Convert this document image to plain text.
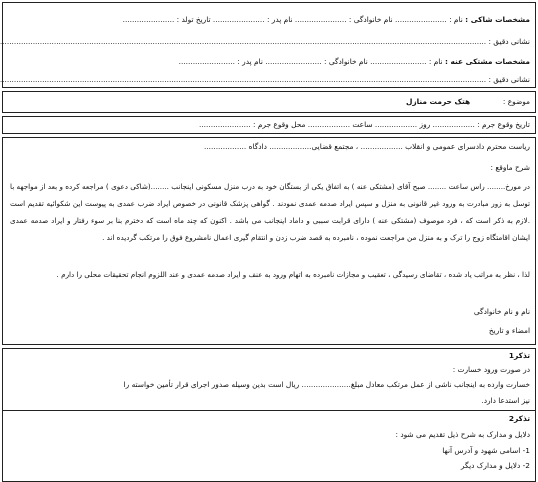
مشخصات شاکی : نام : ...................... نام خانوادگی : ...................... نام پدر : ...................... تاریخ تولد : ......................
نشانی دقیق : ...............................................................................................................................................................................................................
مشخصات مشتکی عنه : نام : ........................ نام خانوادگی : ........................ نام پدر : ........................
نشانی دقیق : ...............................................................................................................................................................................................................
موضوع :  هتک حرمت منازل
تاریخ وقوع جرم : .................. روز .................. ساعت .................. محل وقوع جرم : ......................
ریاست محترم دادسرای عمومی و انقلاب .................. ، مجتمع قضایی.................. دادگاه ..................
شرح ماوقع :
در مورخ........ راس ساعت ........ صبح آقای (مشتکی عنه ) به اتفاق یکی از بستگان خود به درب منزل مسکونی اینجانب ........(شاکی دعوی ) مراجعه کرده و بعد از مواجهه با توسل به زور مبادرت به ورود غیر قانونی به منزل و سپس ایراد صدمه عمدی نمودند . گواهی پزشک قانونی در خصوص ایراد ضرب عمدی به پیوست این شکوائیه تقدیم است .لازم به ذکر است که ، فرد موصوف (مشتکی عنه ) دارای قرابت سببی و داماد اینجانب می باشد . اکنون که چند ماه است که دخترم بنا بر سوء رفتار و ایراد صدمه عمدی ایشان اقامتگاه زوج را ترک و به منزل من مراجعت نموده ، نامبرده به قصد ضرب زدن و انتقام گیری اعمال نامشروع فوق را مرتکب گردیده اند .
لذا ، نظر به مراتب یاد شده ، تقاضای رسیدگی ، تعقیب و مجازات نامبرده به اتهام ورود به عنف و ایراد صدمه عمدی و عند اللزوم انجام تحقیقات محلی را دارم .
نام و نام خانوادگی
امضاء و تاریخ
تذکر1
در صورت ورود خسارت :
خسارت وارده به اینجانب ناشی از عمل مرتکب معادل مبلغ..................... ریال است بدین وسیله صدور اجرای قرار تأمین خواسته را
نیز استدعا دارد.
تذکر2
دلایل و مدارک به شرح ذیل تقدیم می شود :
1- اسامی شهود و آدرس آنها
2- دلایل و مدارک دیگر
